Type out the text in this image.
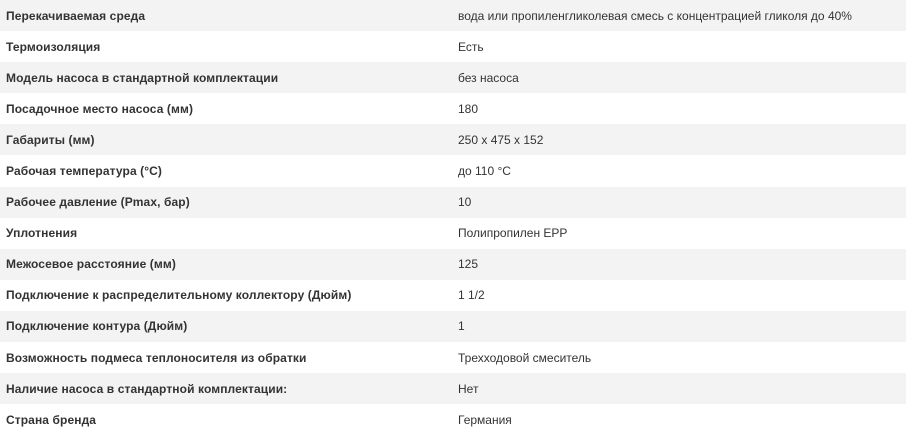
Перекачиваемая среда	вода или пропиленгликолевая смесь с концентрацией гликоля до 40%
Термоизоляция	Есть
Модель насоса в стандартной комплектации	без насоса
Посадочное место насоса (мм)	180
Габариты (мм)	250 x 475 x 152
Рабочая температура (°С)	до 110 °С
Рабочее давление (Pmax, бар)	10
Уплотнения	Полипропилен EPP
Межосевое расстояние (мм)	125
Подключение к распределительному коллектору (Дюйм)	1 1/2
Подключение контура (Дюйм)	1
Возможность подмеса теплоносителя из обратки	Трехходовой смеситель
Наличие насоса в стандартной комплектации:	Нет
Страна бренда	Германия
